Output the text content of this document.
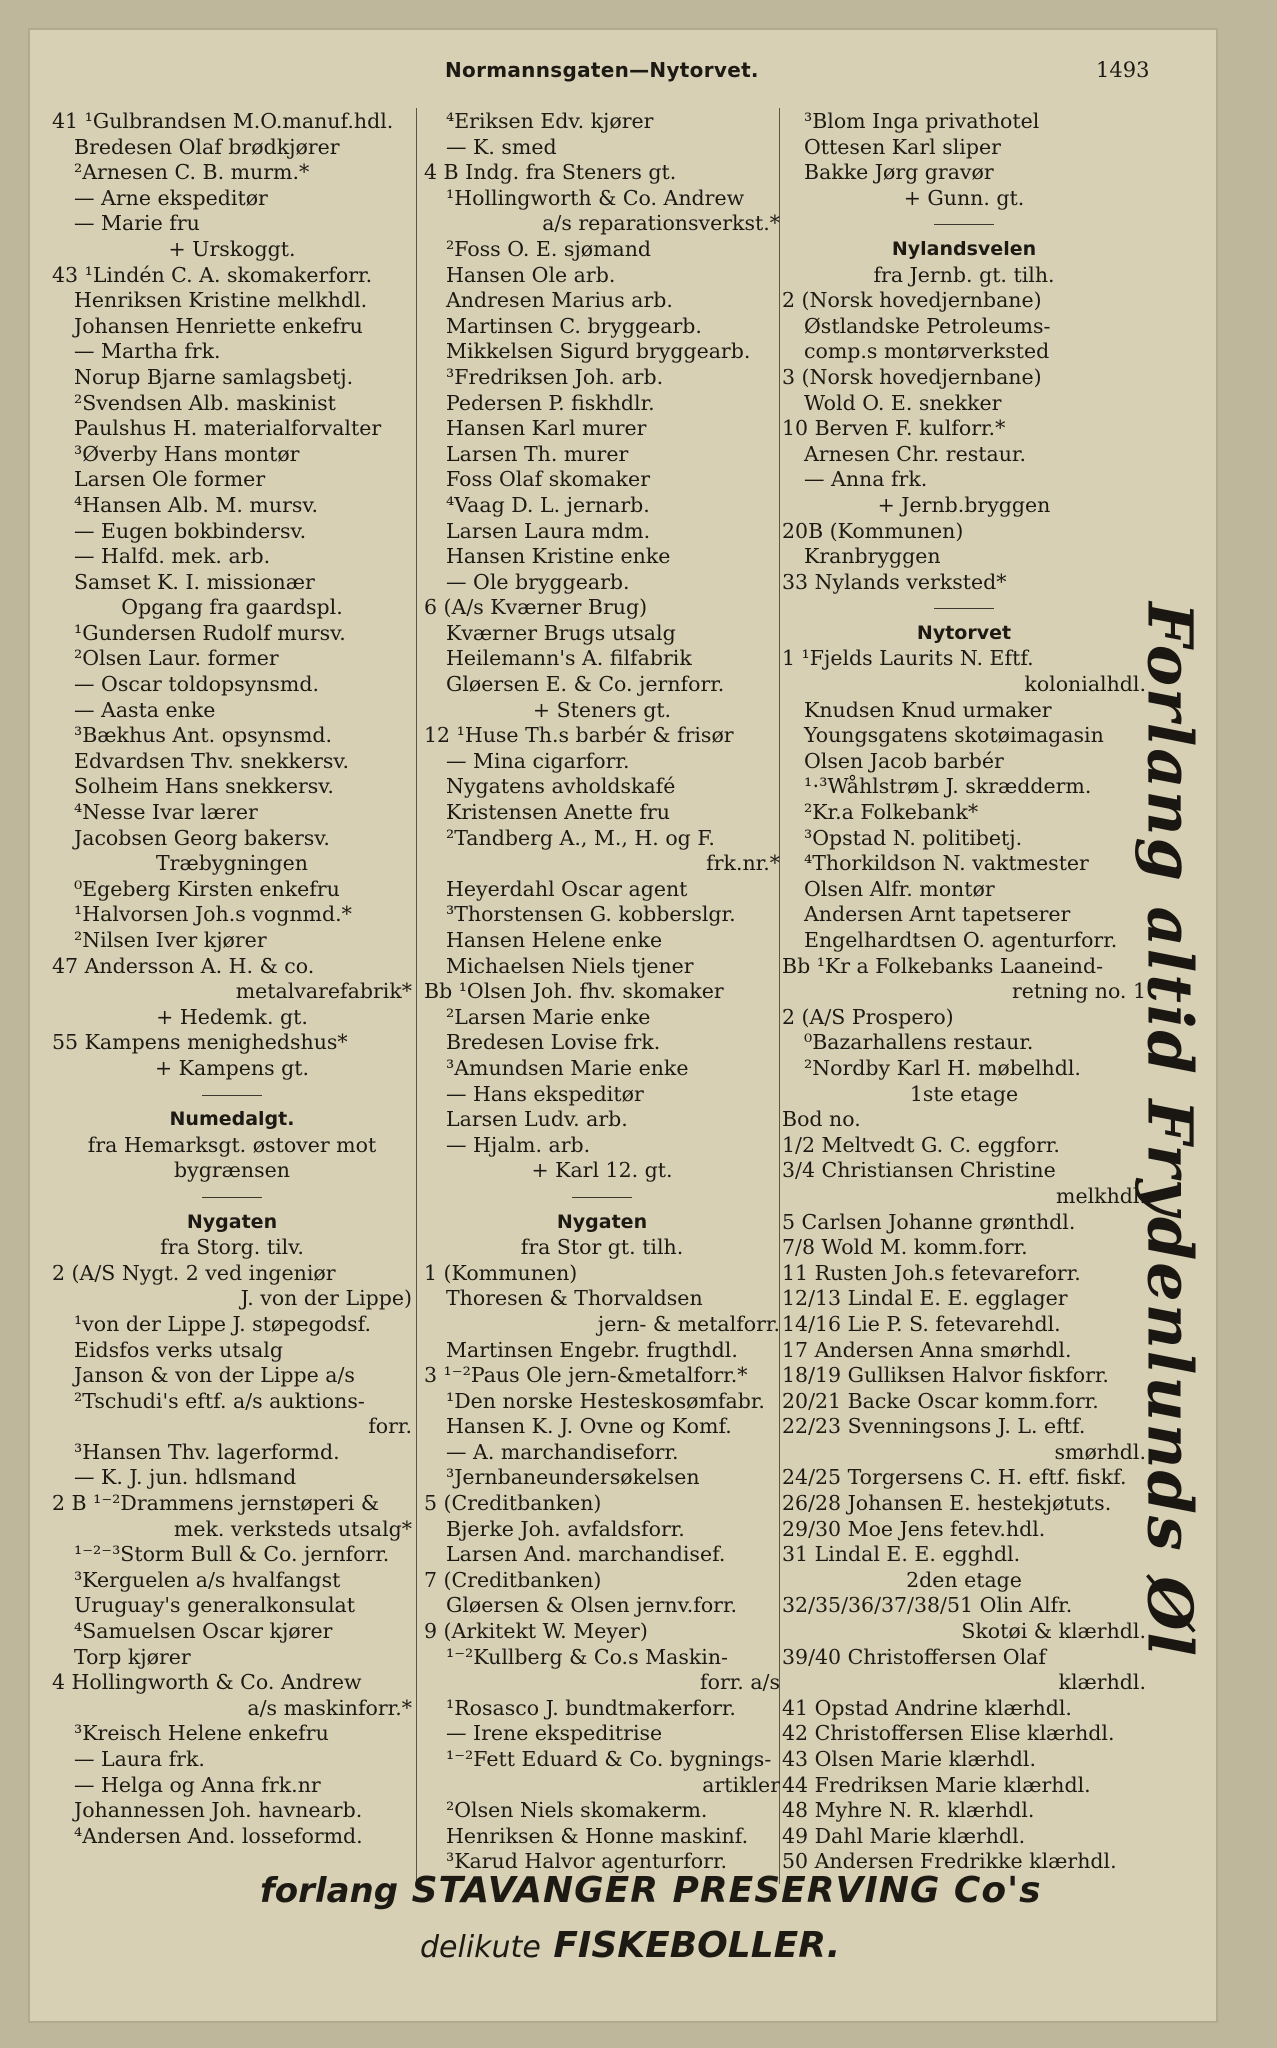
Normannsgaten—Nytorvet.	1493
41 ¹Gulbrandsen M.O.manuf.hdl.
Bredesen Olaf brødkjører
²Arnesen C. B. murm.*
— Arne ekspeditør
— Marie fru
+ Urskoggt.
43 ¹Lindén C. A. skomakerforr.
Henriksen Kristine melkhdl.
Johansen Henriette enkefru
— Martha frk.
Norup Bjarne samlagsbetj.
²Svendsen Alb. maskinist
Paulshus H. materialforvalter
³Øverby Hans montør
Larsen Ole former
⁴Hansen Alb. M. mursv.
— Eugen bokbindersv.
— Halfd. mek. arb.
Samset K. I. missionær
Opgang fra gaardspl.
¹Gundersen Rudolf mursv.
²Olsen Laur. former
— Oscar toldopsynsmd.
— Aasta enke
³Bækhus Ant. opsynsmd.
Edvardsen Thv. snekkersv.
Solheim Hans snekkersv.
⁴Nesse Ivar lærer
Jacobsen Georg bakersv.
Træbygningen
⁰Egeberg Kirsten enkefru
¹Halvorsen Joh.s vognmd.*
²Nilsen Iver kjører
47 Andersson A. H. & co.
metalvarefabrik*
+ Hedemk. gt.
55 Kampens menighedshus*
+ Kampens gt.
Numedalgt.
fra Hemarksgt. østover mot
bygrænsen
Nygaten
fra Storg. tilv.
2 (A/S Nygt. 2 ved ingeniør
J. von der Lippe)
¹von der Lippe J. støpegodsf.
Eidsfos verks utsalg
Janson & von der Lippe a/s
²Tschudi's eftf. a/s auktions-
forr.
³Hansen Thv. lagerformd.
— K. J. jun. hdlsmand
2 B ¹⁻²Drammens jernstøperi &
mek. verksteds utsalg*
¹⁻²⁻³Storm Bull & Co. jernforr.
³Kerguelen a/s hvalfangst
Uruguay's generalkonsulat
⁴Samuelsen Oscar kjører
Torp kjører
4 Hollingworth & Co. Andrew
a/s maskinforr.*
³Kreisch Helene enkefru
— Laura frk.
— Helga og Anna frk.nr
Johannessen Joh. havnearb.
⁴Andersen And. losseformd.
⁴Eriksen Edv. kjører
— K. smed
4 B Indg. fra Steners gt.
¹Hollingworth & Co. Andrew
a/s reparationsverkst.*
²Foss O. E. sjømand
Hansen Ole arb.
Andresen Marius arb.
Martinsen C. bryggearb.
Mikkelsen Sigurd bryggearb.
³Fredriksen Joh. arb.
Pedersen P. fiskhdlr.
Hansen Karl murer
Larsen Th. murer
Foss Olaf skomaker
⁴Vaag D. L. jernarb.
Larsen Laura mdm.
Hansen Kristine enke
— Ole bryggearb.
6 (A/s Kværner Brug)
Kværner Brugs utsalg
Heilemann's A. filfabrik
Gløersen E. & Co. jernforr.
+ Steners gt.
12 ¹Huse Th.s barbér & frisør
— Mina cigarforr.
Nygatens avholdskafé
Kristensen Anette fru
²Tandberg A., M., H. og F.
frk.nr.*
Heyerdahl Oscar agent
³Thorstensen G. kobberslgr.
Hansen Helene enke
Michaelsen Niels tjener
Bb ¹Olsen Joh. fhv. skomaker
²Larsen Marie enke
Bredesen Lovise frk.
³Amundsen Marie enke
— Hans ekspeditør
Larsen Ludv. arb.
— Hjalm. arb.
+ Karl 12. gt.
Nygaten
fra Stor gt. tilh.
1 (Kommunen)
Thoresen & Thorvaldsen
jern- & metalforr.
Martinsen Engebr. frugthdl.
3 ¹⁻²Paus Ole jern-&metalforr.*
¹Den norske Hesteskosømfabr.
Hansen K. J. Ovne og Komf.
— A. marchandiseforr.
³Jernbaneundersøkelsen
5 (Creditbanken)
Bjerke Joh. avfaldsforr.
Larsen And. marchandisef.
7 (Creditbanken)
Gløersen & Olsen jernv.forr.
9 (Arkitekt W. Meyer)
¹⁻²Kullberg & Co.s Maskin-
forr. a/s
¹Rosasco J. bundtmakerforr.
— Irene ekspeditrise
¹⁻²Fett Eduard & Co. bygnings-
artikler
²Olsen Niels skomakerm.
Henriksen & Honne maskinf.
³Karud Halvor agenturforr.
³Blom Inga privathotel
Ottesen Karl sliper
Bakke Jørg gravør
+ Gunn. gt.
Nylandsvelen
fra Jernb. gt. tilh.
2 (Norsk hovedjernbane)
Østlandske Petroleums-
comp.s montørverksted
3 (Norsk hovedjernbane)
Wold O. E. snekker
10 Berven F. kulforr.*
Arnesen Chr. restaur.
— Anna frk.
+ Jernb.bryggen
20B (Kommunen)
Kranbryggen
33 Nylands verksted*
Nytorvet
1 ¹Fjelds Laurits N. Eftf.
kolonialhdl.
Knudsen Knud urmaker
Youngsgatens skotøimagasin
Olsen Jacob barbér
¹⋅³Wåhlstrøm J. skrædderm.
²Kr.a Folkebank*
³Opstad N. politibetj.
⁴Thorkildson N. vaktmester
Olsen Alfr. montør
Andersen Arnt tapetserer
Engelhardtsen O. agenturforr.
Bb ¹Kr a Folkebanks Laaneind-
retning no. 1
2 (A/S Prospero)
⁰Bazarhallens restaur.
²Nordby Karl H. møbelhdl.
1ste etage
Bod no.
1/2 Meltvedt G. C. eggforr.
3/4 Christiansen Christine
melkhdl.
5 Carlsen Johanne grønthdl.
7/8 Wold M. komm.forr.
11 Rusten Joh.s fetevareforr.
12/13 Lindal E. E. egglager
14/16 Lie P. S. fetevarehdl.
17 Andersen Anna smørhdl.
18/19 Gulliksen Halvor fiskforr.
20/21 Backe Oscar komm.forr.
22/23 Svenningsons J. L. eftf.
smørhdl.
24/25 Torgersens C. H. eftf. fiskf.
26/28 Johansen E. hestekjøtuts.
29/30 Moe Jens fetev.hdl.
31 Lindal E. E. egghdl.
2den etage
32/35/36/37/38/51 Olin Alfr.
Skotøi & klærhdl.
39/40 Christoffersen Olaf
klærhdl.
41 Opstad Andrine klærhdl.
42 Christoffersen Elise klærhdl.
43 Olsen Marie klærhdl.
44 Fredriksen Marie klærhdl.
48 Myhre N. R. klærhdl.
49 Dahl Marie klærhdl.
50 Andersen Fredrikke klærhdl.
Forlang altid Frydenlunds Øl
forlang STAVANGER PRESERVING Co's
delikute FISKEBOLLER.
